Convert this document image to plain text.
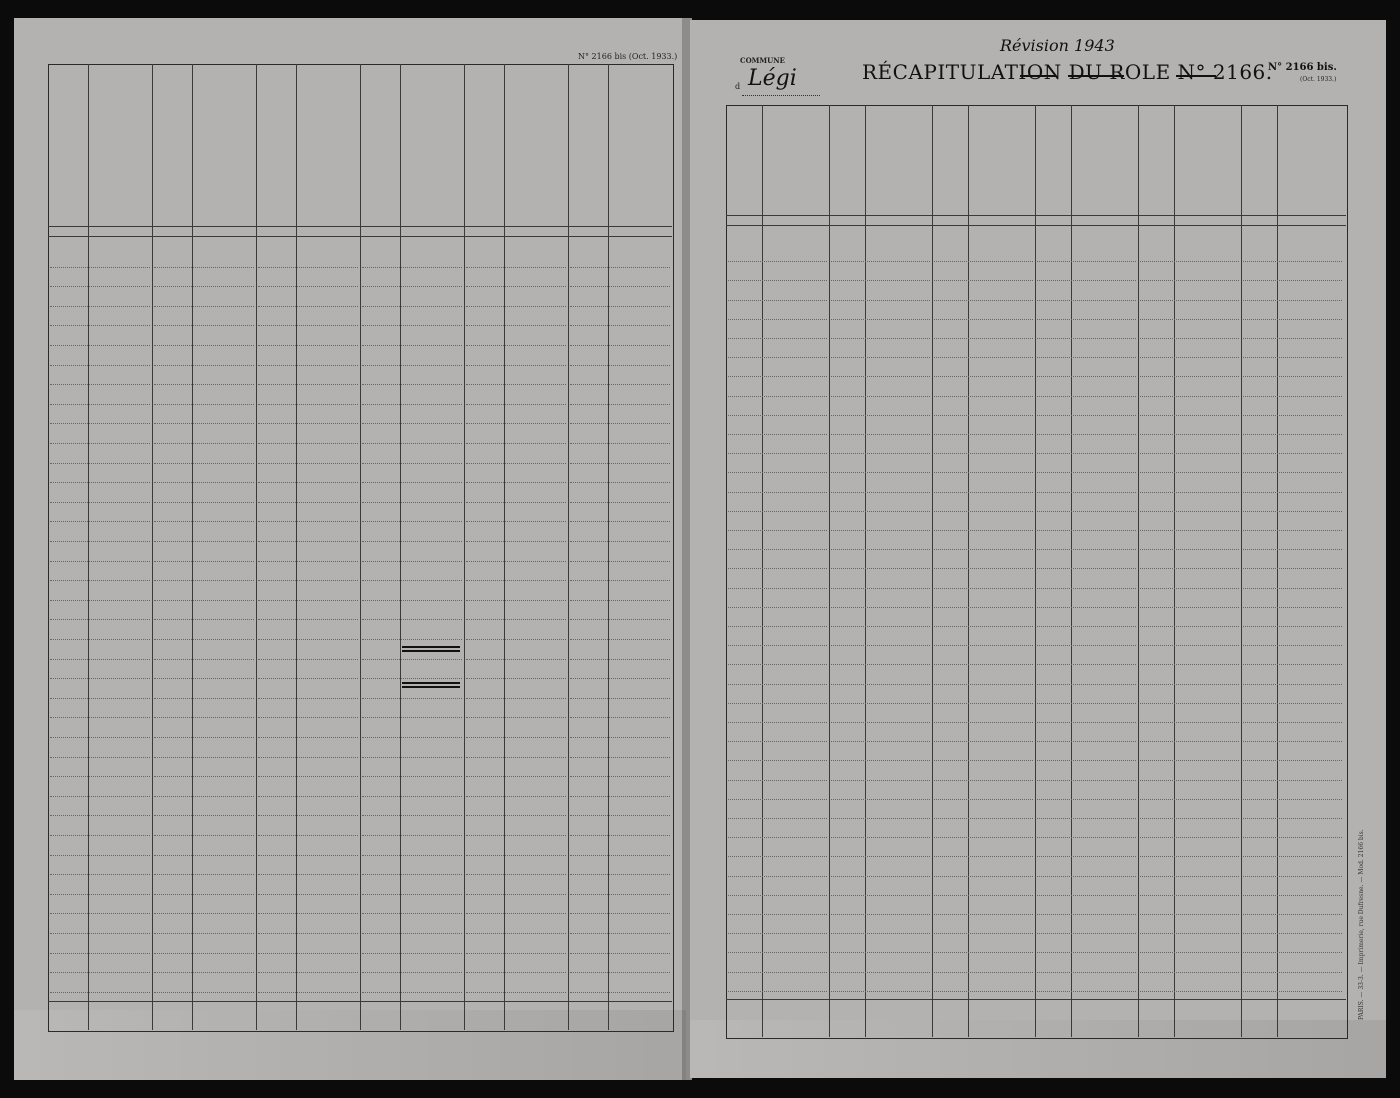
N° 2166 bis (Oct. 1933.)	COMMUNE
d Légi	RÉCAPITULATION DU ROLE N° 2166.
Révision 1943
N° 2166 bis.
(Oct. 1933.)
PARIS. — 33-3. — Imprimerie, rue Dufresne. — Mod. 2166 bis.
